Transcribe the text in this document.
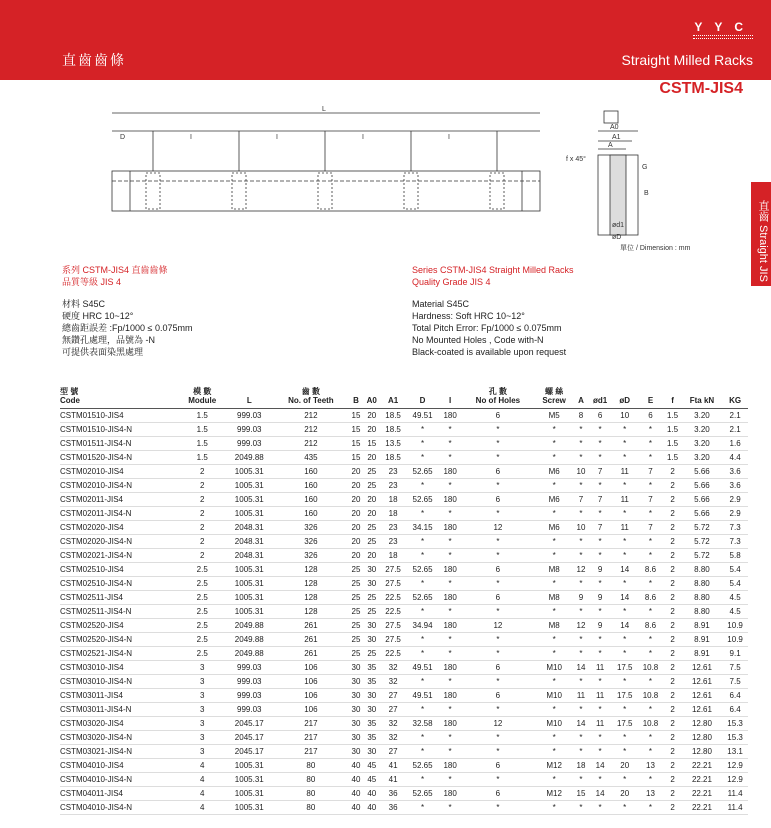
YYC
直齒齒條	Straight Milled Racks
CSTM-JIS4
直齒 Straight JIS
L
D	I	I	I	I
A0
A1
A
f x 45°
G
B
ød1
øD
單位 / Dimension : mm
系列 CSTM-JIS4 直齒齒條
品質等級 JIS 4
材料 S45C
硬度 HRC 10~12°
總齒距誤差 :Fp/1000 ≤ 0.075mm
無鑽孔處理，品號為 -N
可提供表面染黑處理
Series CSTM-JIS4 Straight Milled Racks
Quality Grade JIS 4
Material S45C
Hardness: Soft HRC 10~12°
Total Pitch Error: Fp/1000 ≤ 0.075mm
No Mounted Holes , Code with-N
Black-coated is available upon request
型 號
Code	模 數
Module	L	齒 數
No. of Teeth	B	A0	A1	D	I	孔 數
No of Holes	螺 絲
Screw	A	ød1	øD	E	f	Fta kN	KG

CSTM01510-JIS4	1.5	999.03	212	15	20	18.5	49.51	180	6	M5	8	6	10	6	1.5	3.20	2.1
CSTM01510-JIS4-N	1.5	999.03	212	15	20	18.5	*	*	*	*	*	*	*	*	1.5	3.20	2.1
CSTM01511-JIS4-N	1.5	999.03	212	15	15	13.5	*	*	*	*	*	*	*	*	1.5	3.20	1.6
CSTM01520-JIS4-N	1.5	2049.88	435	15	20	18.5	*	*	*	*	*	*	*	*	1.5	3.20	4.4
CSTM02010-JIS4	2	1005.31	160	20	25	23	52.65	180	6	M6	10	7	11	7	2	5.66	3.6
CSTM02010-JIS4-N	2	1005.31	160	20	25	23	*	*	*	*	*	*	*	*	2	5.66	3.6
CSTM02011-JIS4	2	1005.31	160	20	20	18	52.65	180	6	M6	7	7	11	7	2	5.66	2.9
CSTM02011-JIS4-N	2	1005.31	160	20	20	18	*	*	*	*	*	*	*	*	2	5.66	2.9
CSTM02020-JIS4	2	2048.31	326	20	25	23	34.15	180	12	M6	10	7	11	7	2	5.72	7.3
CSTM02020-JIS4-N	2	2048.31	326	20	25	23	*	*	*	*	*	*	*	*	2	5.72	7.3
CSTM02021-JIS4-N	2	2048.31	326	20	20	18	*	*	*	*	*	*	*	*	2	5.72	5.8
CSTM02510-JIS4	2.5	1005.31	128	25	30	27.5	52.65	180	6	M8	12	9	14	8.6	2	8.80	5.4
CSTM02510-JIS4-N	2.5	1005.31	128	25	30	27.5	*	*	*	*	*	*	*	*	2	8.80	5.4
CSTM02511-JIS4	2.5	1005.31	128	25	25	22.5	52.65	180	6	M8	9	9	14	8.6	2	8.80	4.5
CSTM02511-JIS4-N	2.5	1005.31	128	25	25	22.5	*	*	*	*	*	*	*	*	2	8.80	4.5
CSTM02520-JIS4	2.5	2049.88	261	25	30	27.5	34.94	180	12	M8	12	9	14	8.6	2	8.91	10.9
CSTM02520-JIS4-N	2.5	2049.88	261	25	30	27.5	*	*	*	*	*	*	*	*	2	8.91	10.9
CSTM02521-JIS4-N	2.5	2049.88	261	25	25	22.5	*	*	*	*	*	*	*	*	2	8.91	9.1
CSTM03010-JIS4	3	999.03	106	30	35	32	49.51	180	6	M10	14	11	17.5	10.8	2	12.61	7.5
CSTM03010-JIS4-N	3	999.03	106	30	35	32	*	*	*	*	*	*	*	*	2	12.61	7.5
CSTM03011-JIS4	3	999.03	106	30	30	27	49.51	180	6	M10	11	11	17.5	10.8	2	12.61	6.4
CSTM03011-JIS4-N	3	999.03	106	30	30	27	*	*	*	*	*	*	*	*	2	12.61	6.4
CSTM03020-JIS4	3	2045.17	217	30	35	32	32.58	180	12	M10	14	11	17.5	10.8	2	12.80	15.3
CSTM03020-JIS4-N	3	2045.17	217	30	35	32	*	*	*	*	*	*	*	*	2	12.80	15.3
CSTM03021-JIS4-N	3	2045.17	217	30	30	27	*	*	*	*	*	*	*	*	2	12.80	13.1
CSTM04010-JIS4	4	1005.31	80	40	45	41	52.65	180	6	M12	18	14	20	13	2	22.21	12.9
CSTM04010-JIS4-N	4	1005.31	80	40	45	41	*	*	*	*	*	*	*	*	2	22.21	12.9
CSTM04011-JIS4	4	1005.31	80	40	40	36	52.65	180	6	M12	15	14	20	13	2	22.21	11.4
CSTM04010-JIS4-N	4	1005.31	80	40	40	36	*	*	*	*	*	*	*	*	2	22.21	11.4
